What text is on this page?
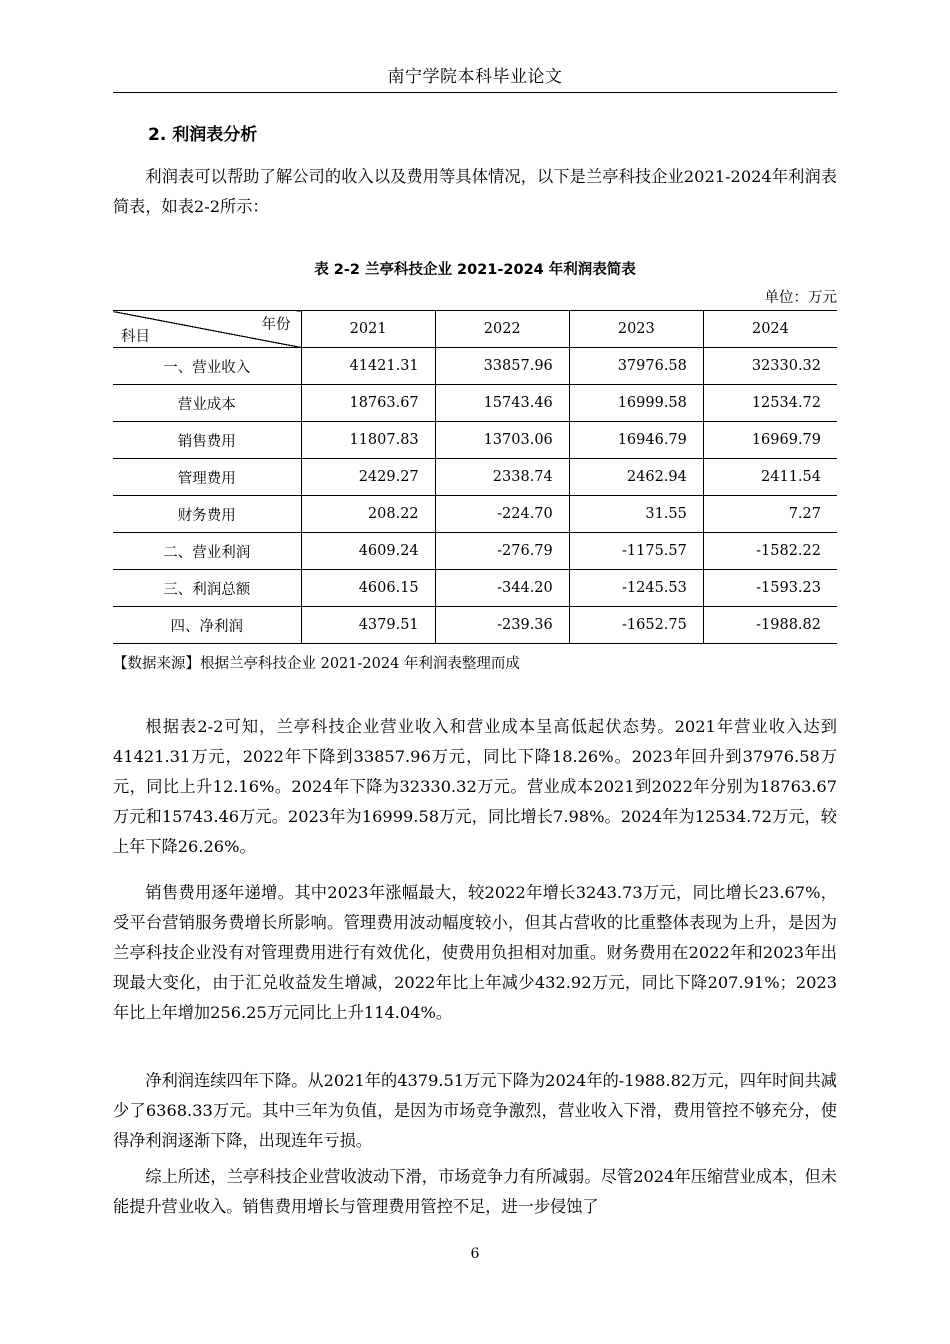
南宁学院本科毕业论文
2. 利润表分析

利润表可以帮助了解公司的收入以及费用等具体情况，以下是兰亭科技企业2021-2024年利润表简表，如表2-2所示：

表 2-2 兰亭科技企业 2021-2024 年利润表简表
单位：万元
年份
科目	2021	2022	2023	2024
一、营业收入	41421.31	33857.96	37976.58	32330.32
营业成本	18763.67	15743.46	16999.58	12534.72
销售费用	11807.83	13703.06	16946.79	16969.79
管理费用	2429.27	2338.74	2462.94	2411.54
财务费用	208.22	-224.70	31.55	7.27
二、营业利润	4609.24	-276.79	-1175.57	-1582.22
三、利润总额	4606.15	-344.20	-1245.53	-1593.23
四、净利润	4379.51	-239.36	-1652.75	-1988.82
【数据来源】根据兰亭科技企业 2021-2024 年利润表整理而成

根据表2-2可知，兰亭科技企业营业收入和营业成本呈高低起伏态势。2021年营业收入达到41421.31万元，2022年下降到33857.96万元，同比下降18.26%。2023年回升到37976.58万元，同比上升12.16%。2024年下降为32330.32万元。营业成本2021到2022年分别为18763.67万元和15743.46万元。2023年为16999.58万元，同比增长7.98%。2024年为12534.72万元，较上年下降26.26%。

销售费用逐年递增。其中2023年涨幅最大，较2022年增长3243.73万元，同比增长23.67%，受平台营销服务费增长所影响。管理费用波动幅度较小，但其占营收的比重整体表现为上升，是因为兰亭科技企业没有对管理费用进行有效优化，使费用负担相对加重。财务费用在2022年和2023年出现最大变化，由于汇兑收益发生增减，2022年比上年减少432.92万元，同比下降207.91%；2023年比上年增加256.25万元同比上升114.04%。

净利润连续四年下降。从2021年的4379.51万元下降为2024年的-1988.82万元，四年时间共减少了6368.33万元。其中三年为负值，是因为市场竞争激烈，营业收入下滑，费用管控不够充分，使得净利润逐渐下降，出现连年亏损。

综上所述，兰亭科技企业营收波动下滑，市场竞争力有所减弱。尽管2024年压缩营业成本，但未能提升营业收入。销售费用增长与管理费用管控不足，进一步侵蚀了

6
